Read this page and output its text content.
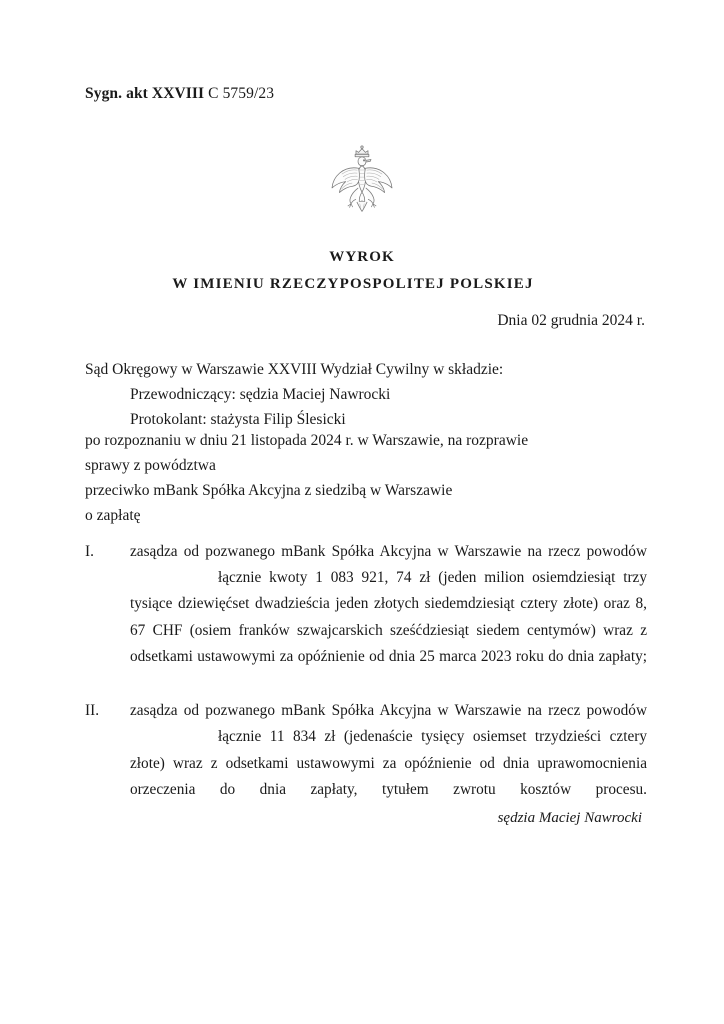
Sygn. akt XXVIII C 5759/23
WYROK
W IMIENIU RZECZYPOSPOLITEJ POLSKIEJ
Dnia 02 grudnia 2024 r.
Sąd Okręgowy w Warszawie XXVIII Wydział Cywilny w składzie:
Przewodniczący: sędzia Maciej Nawrocki
Protokolant: stażysta Filip Ślesicki
po rozpoznaniu w dniu 21 listopada 2024 r. w Warszawie, na rozprawie
sprawy z powództwa
przeciwko mBank Spółka Akcyjna z siedzibą w Warszawie
o zapłatę
I.	zasądza od pozwanego mBank Spółka Akcyjna w Warszawie na rzecz powodówłącznie kwoty 1 083 921, 74 zł (jeden milion osiemdziesiąt trzy tysiące dziewięćset dwadzieścia jeden złotych siedemdziesiąt cztery złote) oraz 8, 67 CHF (osiem franków szwajcarskich sześćdziesiąt siedem centymów) wraz z odsetkami ustawowymi za opóźnienie od dnia 25 marca 2023 roku do dnia zapłaty;
II.	zasądza od pozwanego mBank Spółka Akcyjna w Warszawie na rzecz powodówłącznie 11 834 zł (jedenaście tysięcy osiemset trzydzieści cztery złote) wraz z odsetkami ustawowymi za opóźnienie od dnia uprawomocnienia orzeczenia do dnia zapłaty, tytułem zwrotu kosztów procesu.
sędzia Maciej Nawrocki
